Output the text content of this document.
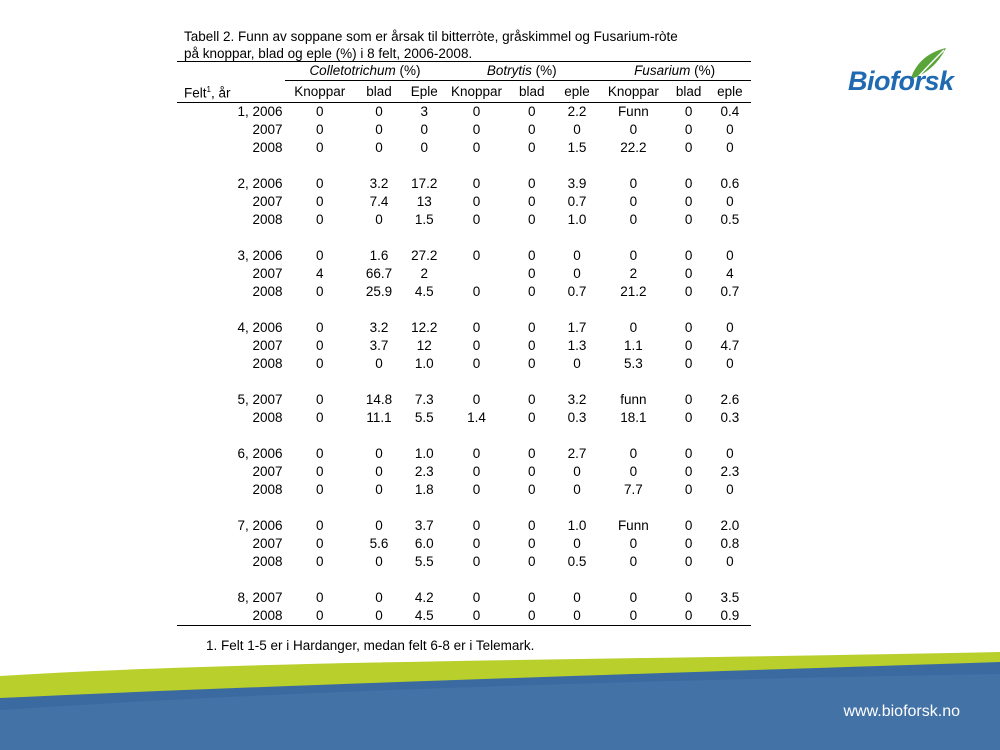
Tabell 2. Funn av soppane som er årsak til bitterròte, gråskimmel og Fusarium-ròte
på knoppar, blad og eple (%) i 8 felt, 2006-2008.

	Colletotrichum (%)			Botrytis (%)			Fusarium (%)		
Felt$^1$, år	Knoppar	blad	Eple	Knoppar	blad	eple	Knoppar	blad	eple
1, 2006	0	0	3	0	0	2.2	Funn	0	0.4
2007	0	0	0	0	0	0	0	0	0
2008	0	0	0	0	0	1.5	22.2	0	0

2, 2006	0	3.2	17.2	0	0	3.9	0	0	0.6
2007	0	7.4	13	0	0	0.7	0	0	0
2008	0	0	1.5	0	0	1.0	0	0	0.5

3, 2006	0	1.6	27.2	0	0	0	0	0	0
2007	4	66.7	2		0	0	2	0	4
2008	0	25.9	4.5	0	0	0.7	21.2	0	0.7

4, 2006	0	3.2	12.2	0	0	1.7	0	0	0
2007	0	3.7	12	0	0	1.3	1.1	0	4.7
2008	0	0	1.0	0	0	0	5.3	0	0

5, 2007	0	14.8	7.3	0	0	3.2	funn	0	2.6
2008	0	11.1	5.5	1.4	0	0.3	18.1	0	0.3

6, 2006	0	0	1.0	0	0	2.7	0	0	0
2007	0	0	2.3	0	0	0	0	0	2.3
2008	0	0	1.8	0	0	0	7.7	0	0

7, 2006	0	0	3.7	0	0	1.0	Funn	0	2.0
2007	0	5.6	6.0	0	0	0	0	0	0.8
2008	0	0	5.5	0	0	0.5	0	0	0

8, 2007	0	0	4.2	0	0	0	0	0	3.5
2008	0	0	4.5	0	0	0	0	0	0.9
1. Felt 1-5 er i Hardanger, medan felt 6-8 er i Telemark.
Bioforsk
www.bioforsk.no
